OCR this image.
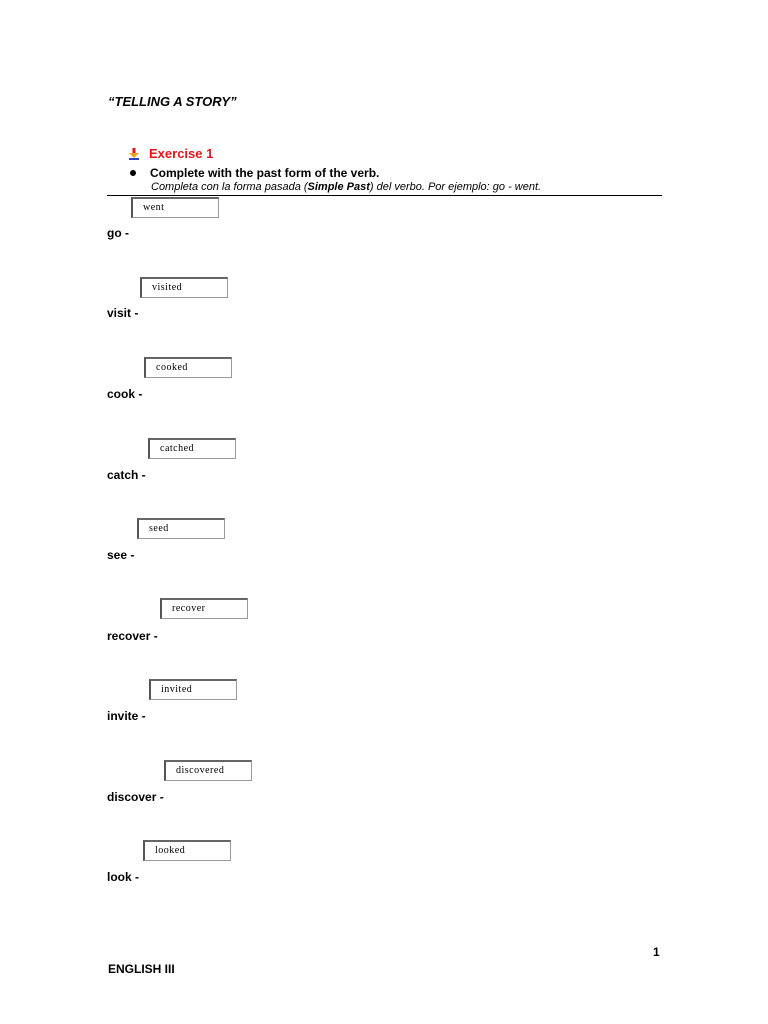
“TELLING A STORY”
Exercise 1
Complete with the past form of the verb.
Completa con la forma pasada (Simple Past) del verbo. Por ejemplo: go - went.
went
go -
visited
visit -
cooked
cook -
catched
catch -
seed
see -
recover
recover -
invited
invite -
discovered
discover -
looked
look -
1
ENGLISH III
